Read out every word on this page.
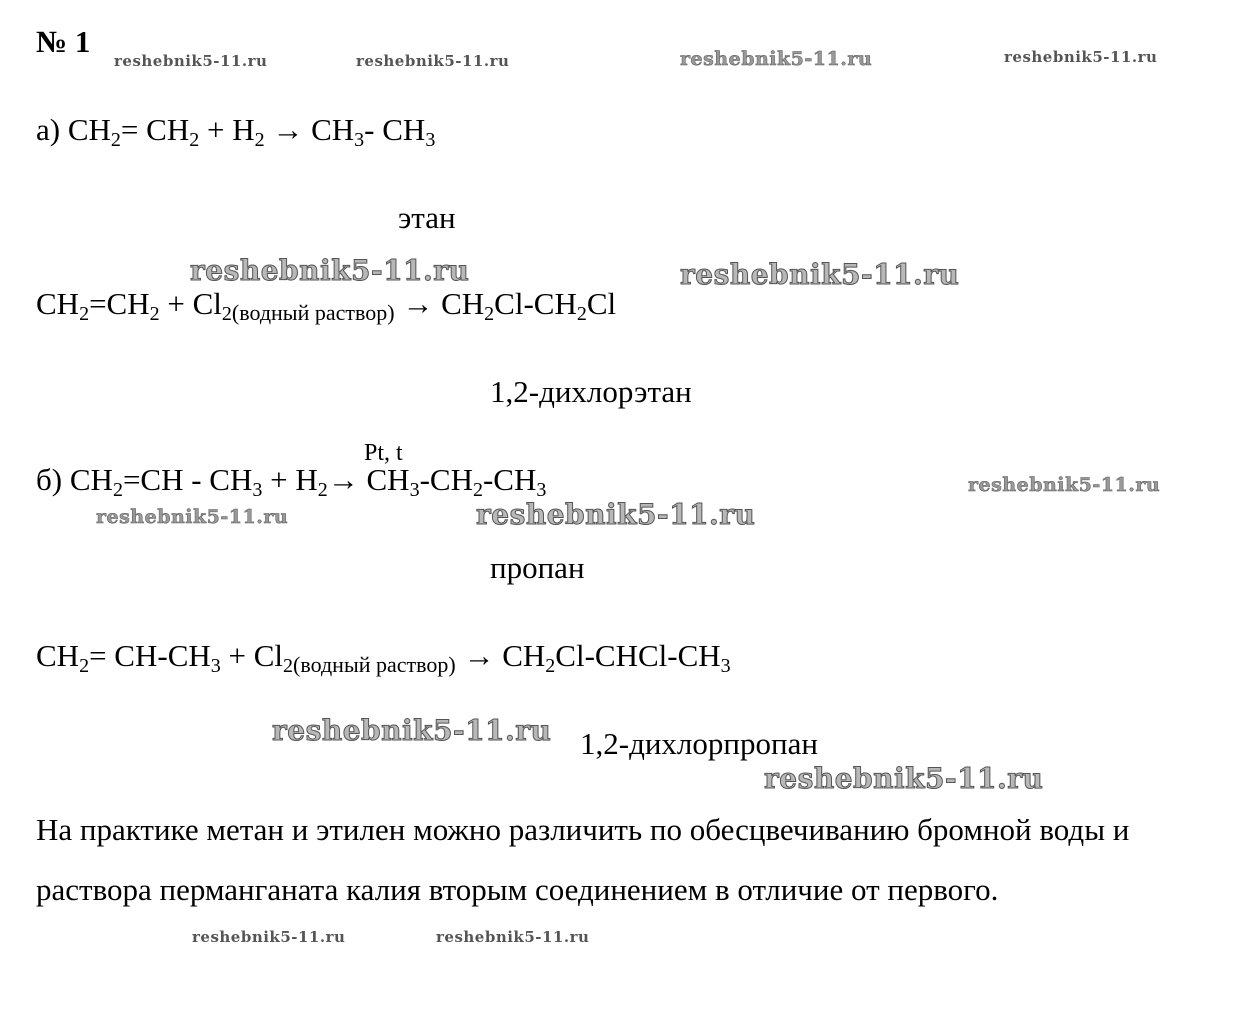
№ 1
reshebnik5-11.ru	reshebnik5-11.ru	reshebnik5-11.ru	reshebnik5-11.ru
а) $CH_2= CH_2 + H_2 \to CH_3-$ $CH_3$
этан
reshebnik5-11.ru	reshebnik5-11.ru
$CH_2=CH_2$ + $Cl_2(водный$ раствор) → $CH_2Cl-CH_2Cl$
1,2-дихлорэтан
Pt, t
б) $CH_2=CH - CH_3 + H_2\to CH_3-CH_2-CH_3$	reshebnik5-11.ru
reshebnik5-11.ru	reshebnik5-11.ru
пропан
$CH_2= CH-CH_3$ + $Cl_2(водный$ раствор) → $CH_2Cl-CHCl-CH_3$
reshebnik5-11.ru 1,2-дихлорпропан
reshebnik5-11.ru
На практике метан и этилен можно различить по обесцвечиванию бромной воды и раствора перманганата калия вторым соединением в отличие от первого.
reshebnik5-11.ru	reshebnik5-11.ru
